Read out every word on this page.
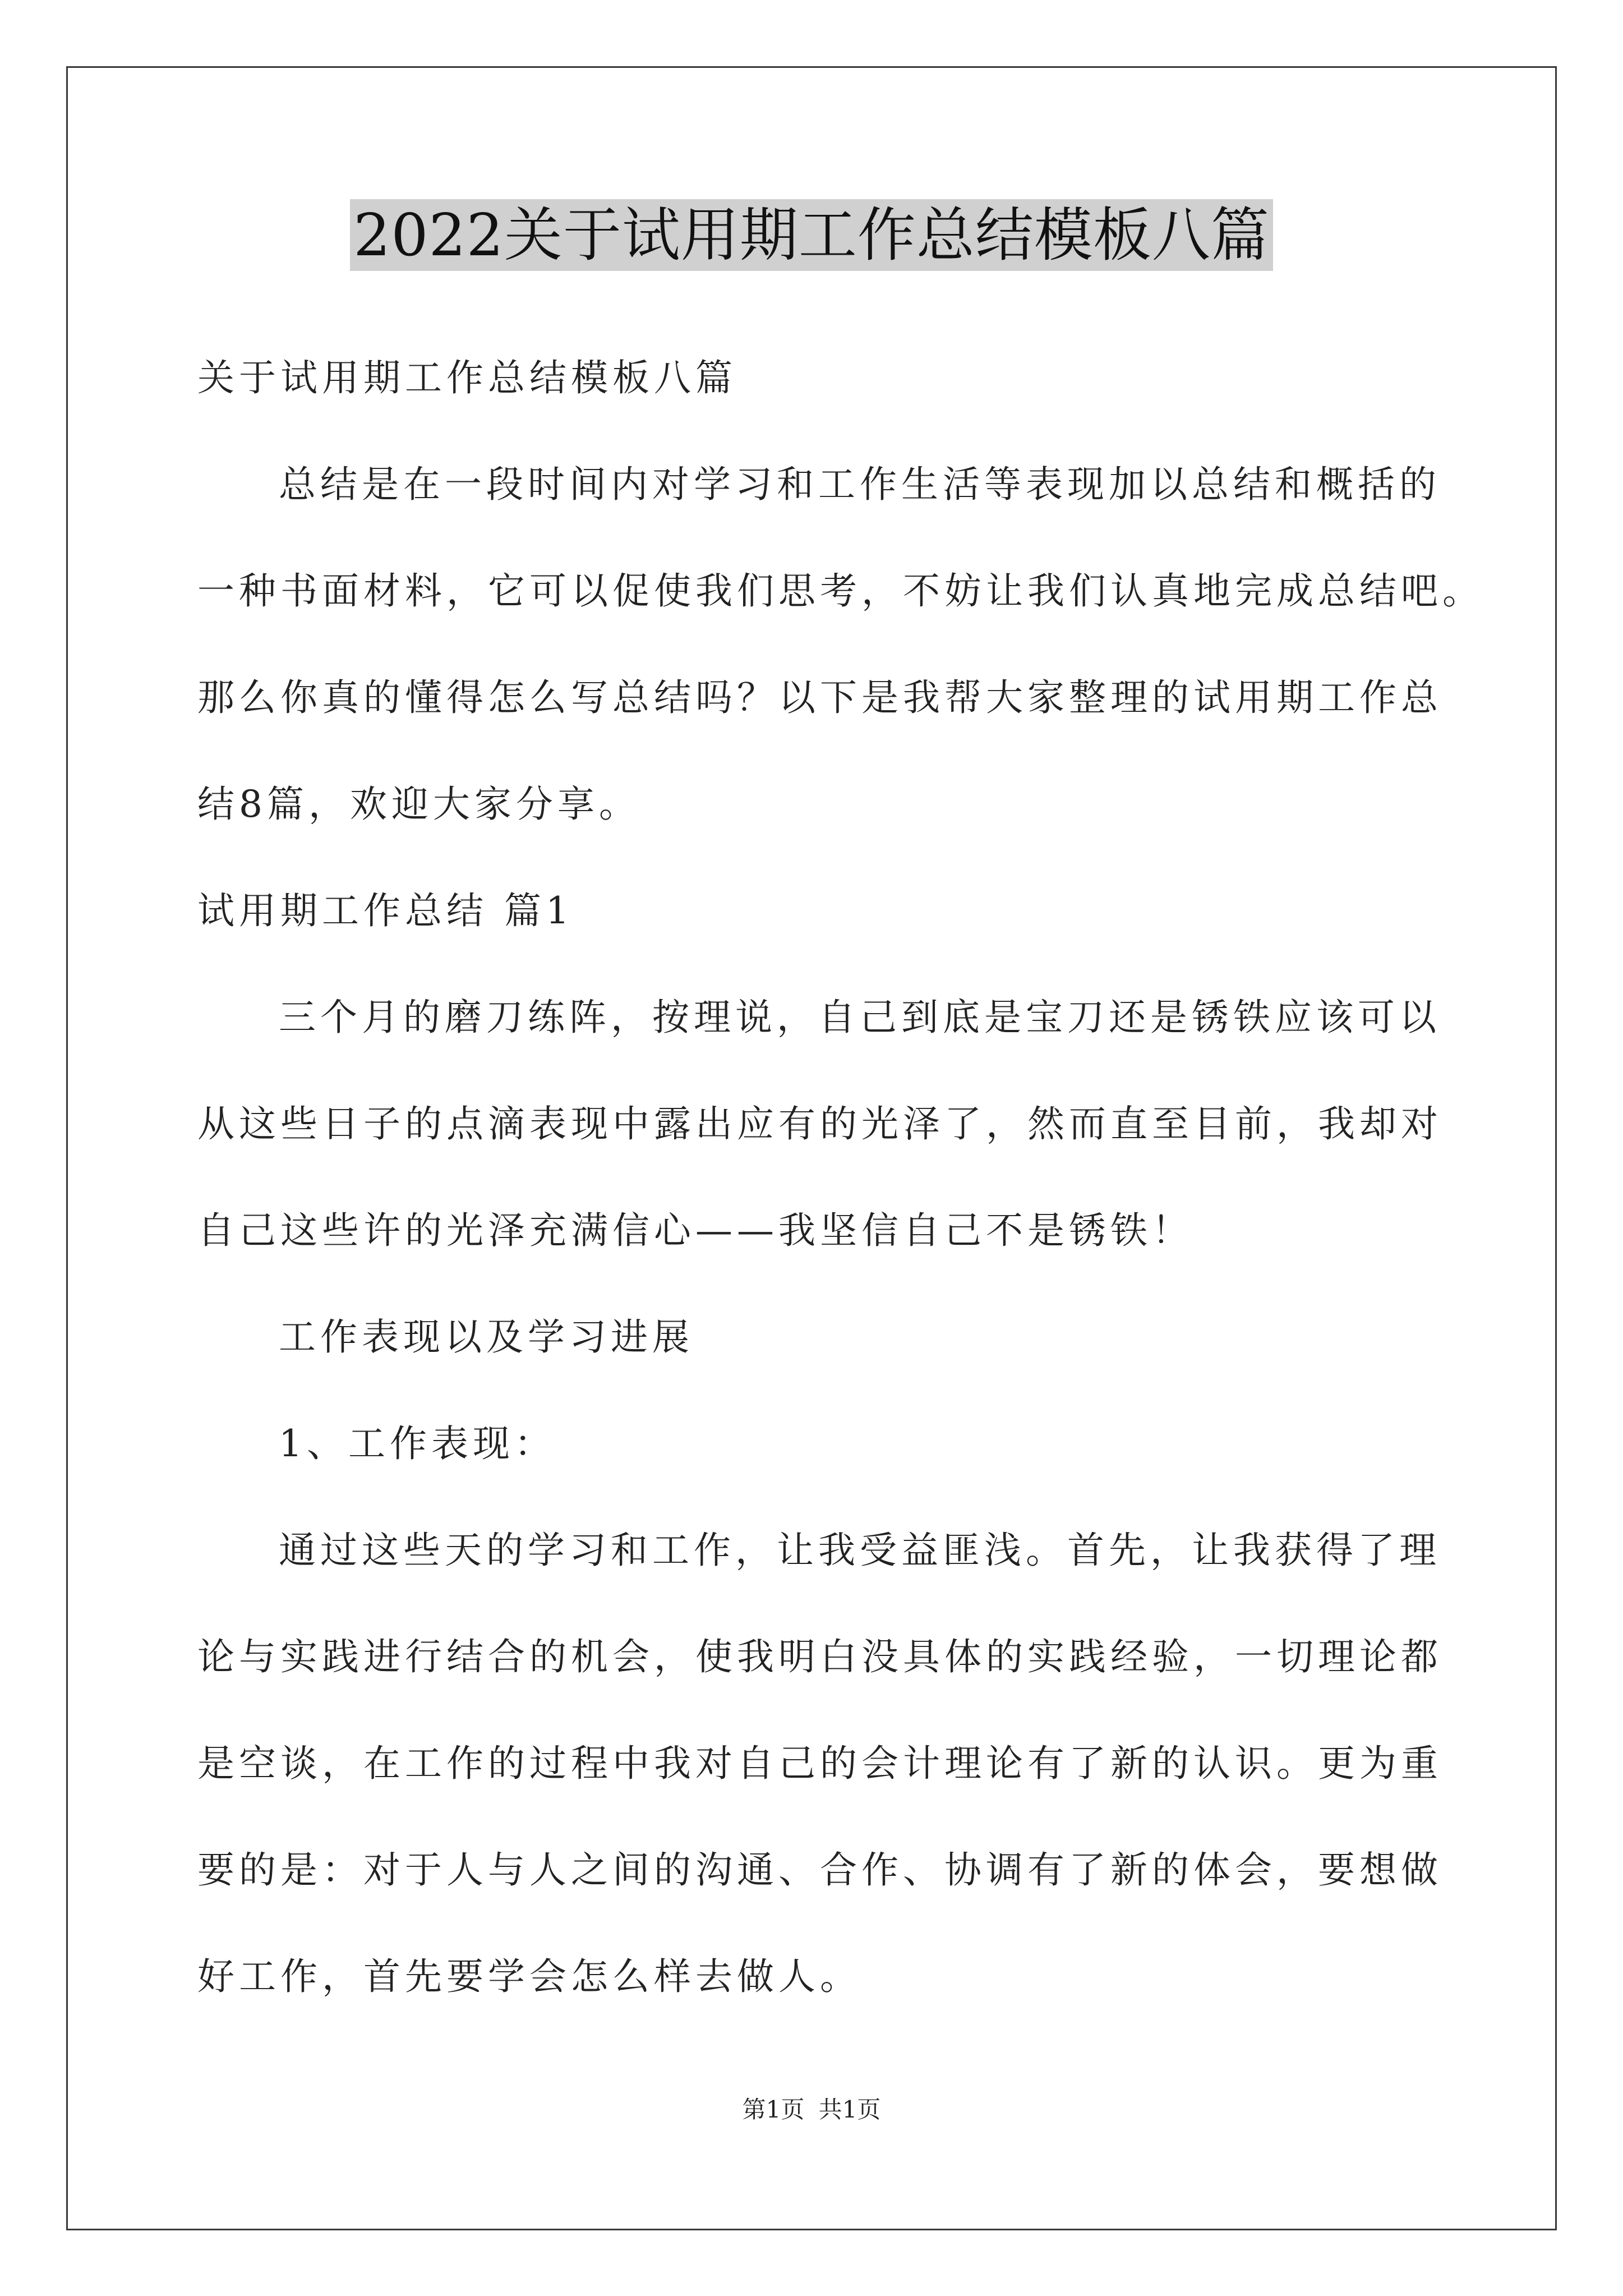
2022关于试用期工作总结模板八篇
关于试用期工作总结模板八篇
总结是在一段时间内对学习和工作生活等表现加以总结和概括的
一种书面材料，它可以促使我们思考，不妨让我们认真地完成总结吧。
那么你真的懂得怎么写总结吗？以下是我帮大家整理的试用期工作总
结8篇，欢迎大家分享。
试用期工作总结 篇1
三个月的磨刀练阵，按理说，自己到底是宝刀还是锈铁应该可以
从这些日子的点滴表现中露出应有的光泽了，然而直至目前，我却对
自己这些许的光泽充满信心——我坚信自己不是锈铁！
工作表现以及学习进展
1、工作表现：
通过这些天的学习和工作，让我受益匪浅。首先，让我获得了理
论与实践进行结合的机会，使我明白没具体的实践经验，一切理论都
是空谈，在工作的过程中我对自己的会计理论有了新的认识。更为重
要的是：对于人与人之间的沟通、合作、协调有了新的体会，要想做
好工作，首先要学会怎么样去做人。
第1页 共1页
